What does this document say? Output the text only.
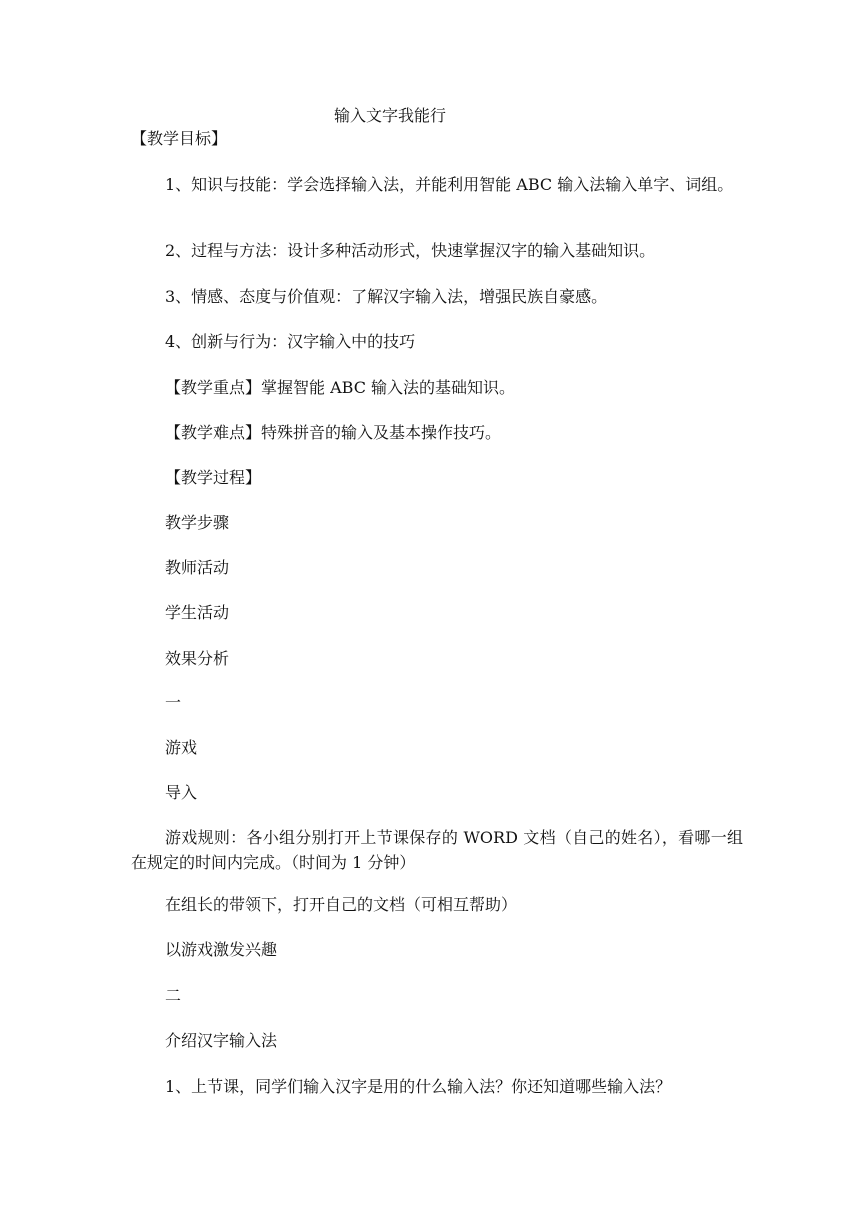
输入文字我能行

【教学目标】

1、知识与技能：学会选择输入法，并能利用智能 ABC 输入法输入单字、词组。

2、过程与方法：设计多种活动形式，快速掌握汉字的输入基础知识。

3、情感、态度与价值观：了解汉字输入法，增强民族自豪感。

4、创新与行为：汉字输入中的技巧

【教学重点】掌握智能 ABC 输入法的基础知识。

【教学难点】特殊拼音的输入及基本操作技巧。

【教学过程】

教学步骤

教师活动

学生活动

效果分析

一

游戏

导入

游戏规则：各小组分别打开上节课保存的 WORD 文档（自己的姓名），看哪一组在规定的时间内完成。（时间为 1 分钟）

在组长的带领下，打开自己的文档（可相互帮助）

以游戏激发兴趣

二

介绍汉字输入法

1、上节课，同学们输入汉字是用的什么输入法？你还知道哪些输入法？
